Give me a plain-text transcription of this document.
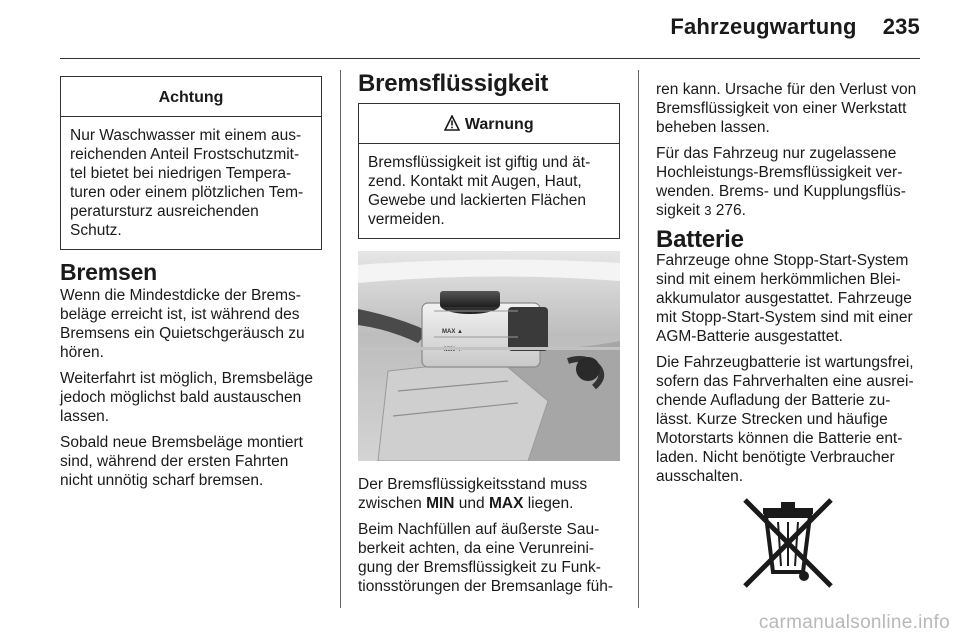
Fahrzeugwartung 235
Achtung
Nur Waschwasser mit einem aus-reichenden Anteil Frostschutzmit-tel bietet bei niedrigen Tempera-turen oder einem plötzlichen Tem-peratursturz ausreichenden Schutz.
Bremsen

Wenn die Mindestdicke der Brems-beläge erreicht ist, ist während des Bremsens ein Quietschgeräusch zu hören.

Weiterfahrt ist möglich, Bremsbeläge jedoch möglichst bald austauschen lassen.

Sobald neue Bremsbeläge montiert sind, während der ersten Fahrten nicht unnötig scharf bremsen.

Bremsflüssigkeit
Warnung
Bremsflüssigkeit ist giftig und ät-zend. Kontakt mit Augen, Haut, Gewebe und lackierten Flächen vermeiden.
MAX ▲

Der Bremsflüssigkeitsstand muss zwischen MIN und MAX liegen.

Beim Nachfüllen auf äußerste Sau-berkeit achten, da eine Verunreini-gung der Bremsflüssigkeit zu Funk-tionsstörungen der Bremsanlage füh-

ren kann. Ursache für den Verlust von Bremsflüssigkeit von einer Werkstatt beheben lassen.

Für das Fahrzeug nur zugelassene Hochleistungs-Bremsflüssigkeit ver-wenden. Brems- und Kupplungsflüs-sigkeit 3 276.

Batterie

Fahrzeuge ohne Stopp-Start-System sind mit einem herkömmlichen Blei-akkumulator ausgestattet. Fahrzeuge mit Stopp-Start-System sind mit einer AGM-Batterie ausgestattet.

Die Fahrzeugbatterie ist wartungsfrei, sofern das Fahrverhalten eine ausrei-chende Aufladung der Batterie zu-lässt. Kurze Strecken und häufige Motorstarts können die Batterie ent-laden. Nicht benötigte Verbraucher ausschalten.

carmanualsonline.info
